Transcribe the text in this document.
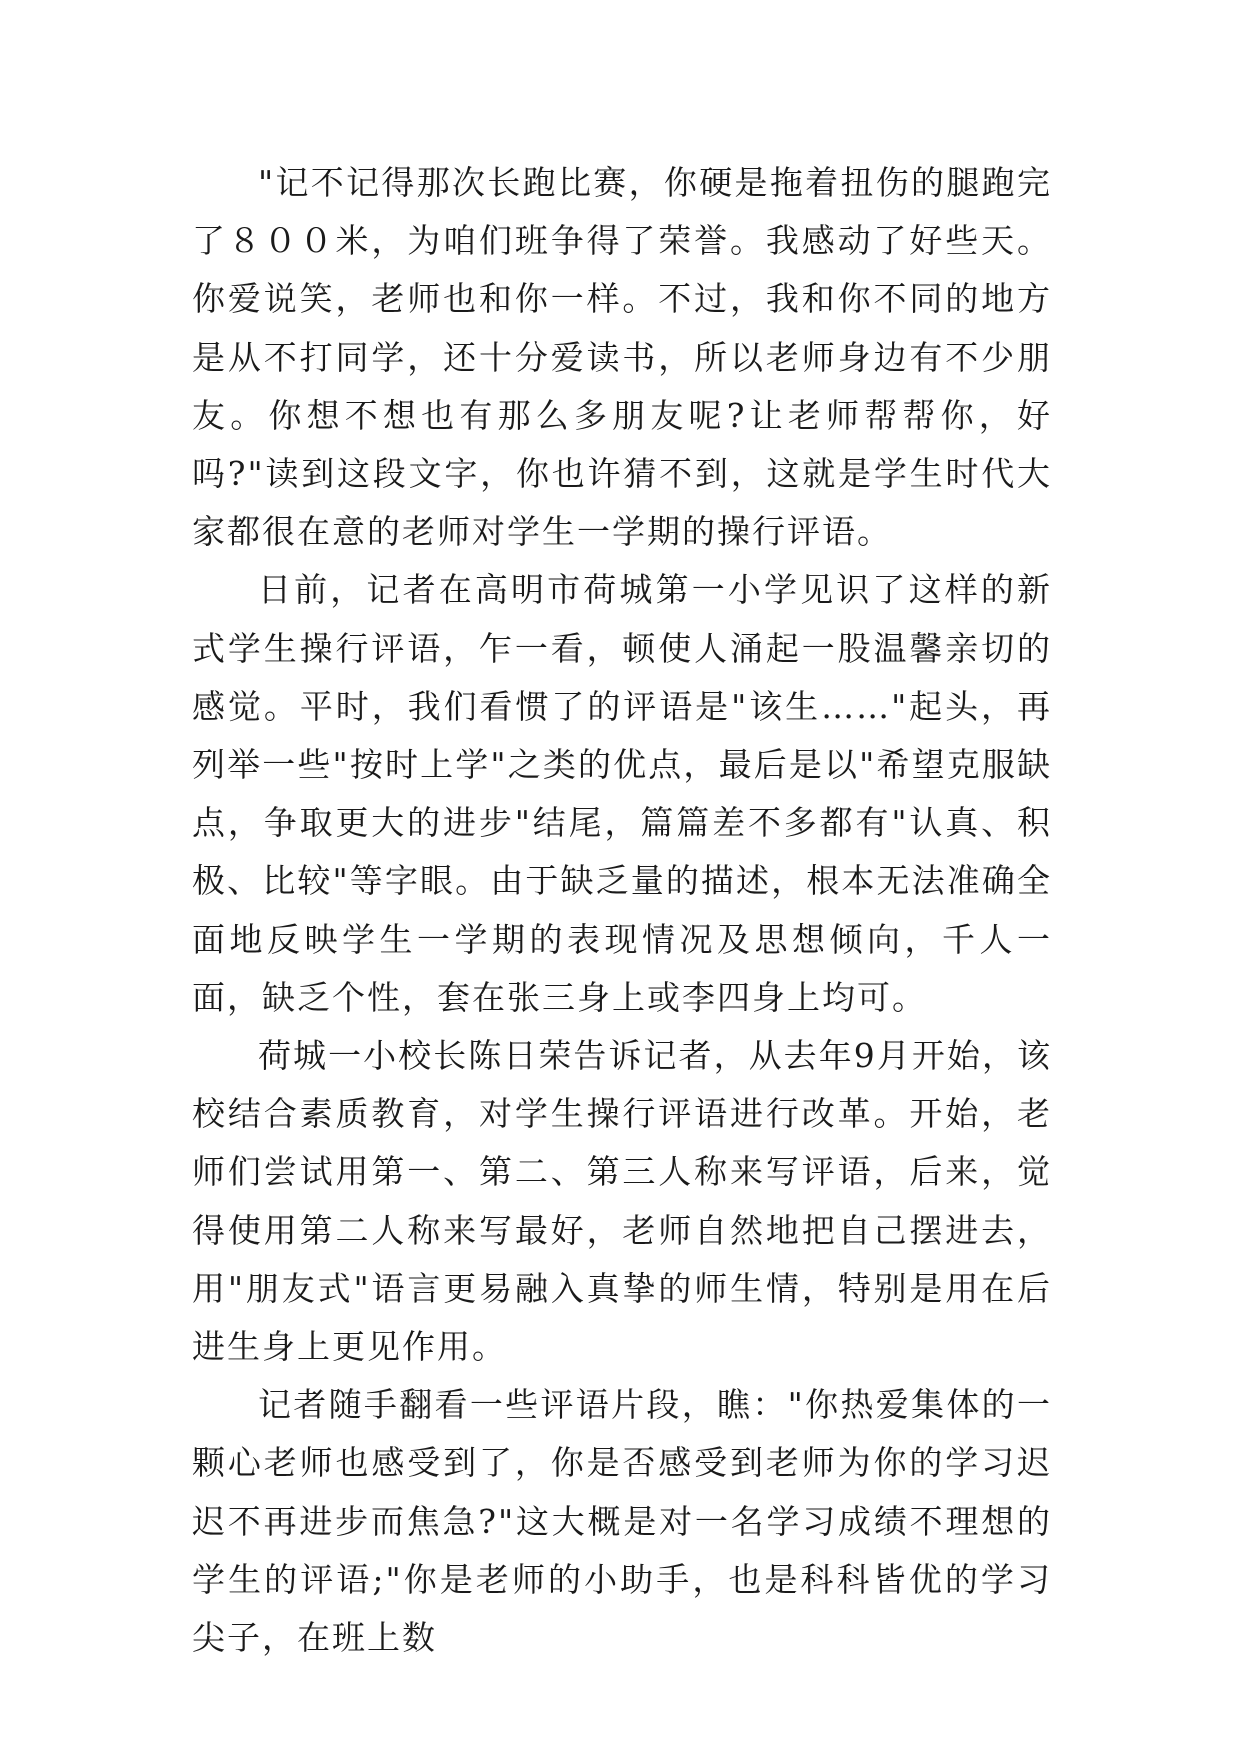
"记不记得那次长跑比赛，你硬是拖着扭伤的腿跑完了８００米，为咱们班争得了荣誉。我感动了好些天。你爱说笑，老师也和你一样。不过，我和你不同的地方是从不打同学，还十分爱读书，所以老师身边有不少朋友。你想不想也有那么多朋友呢?让老师帮帮你，好吗?"读到这段文字，你也许猜不到，这就是学生时代大家都很在意的老师对学生一学期的操行评语。

日前，记者在高明市荷城第一小学见识了这样的新式学生操行评语，乍一看，顿使人涌起一股温馨亲切的感觉。平时，我们看惯了的评语是"该生……"起头，再列举一些"按时上学"之类的优点，最后是以"希望克服缺点，争取更大的进步"结尾，篇篇差不多都有"认真、积极、比较"等字眼。由于缺乏量的描述，根本无法准确全面地反映学生一学期的表现情况及思想倾向，千人一面，缺乏个性，套在张三身上或李四身上均可。

荷城一小校长陈日荣告诉记者，从去年9月开始，该校结合素质教育，对学生操行评语进行改革。开始，老师们尝试用第一、第二、第三人称来写评语，后来，觉得使用第二人称来写最好，老师自然地把自己摆进去，用"朋友式"语言更易融入真挚的师生情，特别是用在后进生身上更见作用。

记者随手翻看一些评语片段，瞧："你热爱集体的一颗心老师也感受到了，你是否感受到老师为你的学习迟迟不再进步而焦急?"这大概是对一名学习成绩不理想的学生的评语;"你是老师的小助手，也是科科皆优的学习尖子，在班上数
